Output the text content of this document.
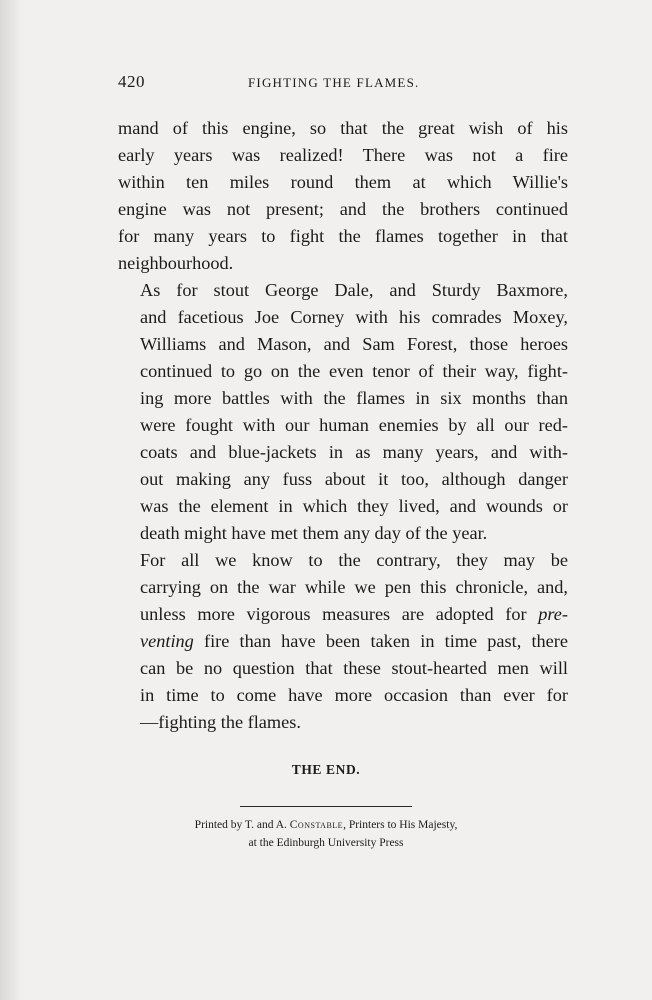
420	FIGHTING THE FLAMES.

mand of this engine, so that the great wish of his
early years was realized! There was not a fire
within ten miles round them at which Willie's
engine was not present; and the brothers continued
for many years to fight the flames together in that
neighbourhood.

As for stout George Dale, and Sturdy Baxmore,
and facetious Joe Corney with his comrades Moxey,
Williams and Mason, and Sam Forest, those heroes
continued to go on the even tenor of their way, fight-
ing more battles with the flames in six months than
were fought with our human enemies by all our red-
coats and blue-jackets in as many years, and with-
out making any fuss about it too, although danger
was the element in which they lived, and wounds or
death might have met them any day of the year.

For all we know to the contrary, they may be
carrying on the war while we pen this chronicle, and,
unless more vigorous measures are adopted for pre-
venting fire than have been taken in time past, there
can be no question that these stout-hearted men will
in time to come have more occasion than ever for
—fighting the flames.

THE END.
Printed by T. and A. Constable, Printers to His Majesty,
at the Edinburgh University Press
